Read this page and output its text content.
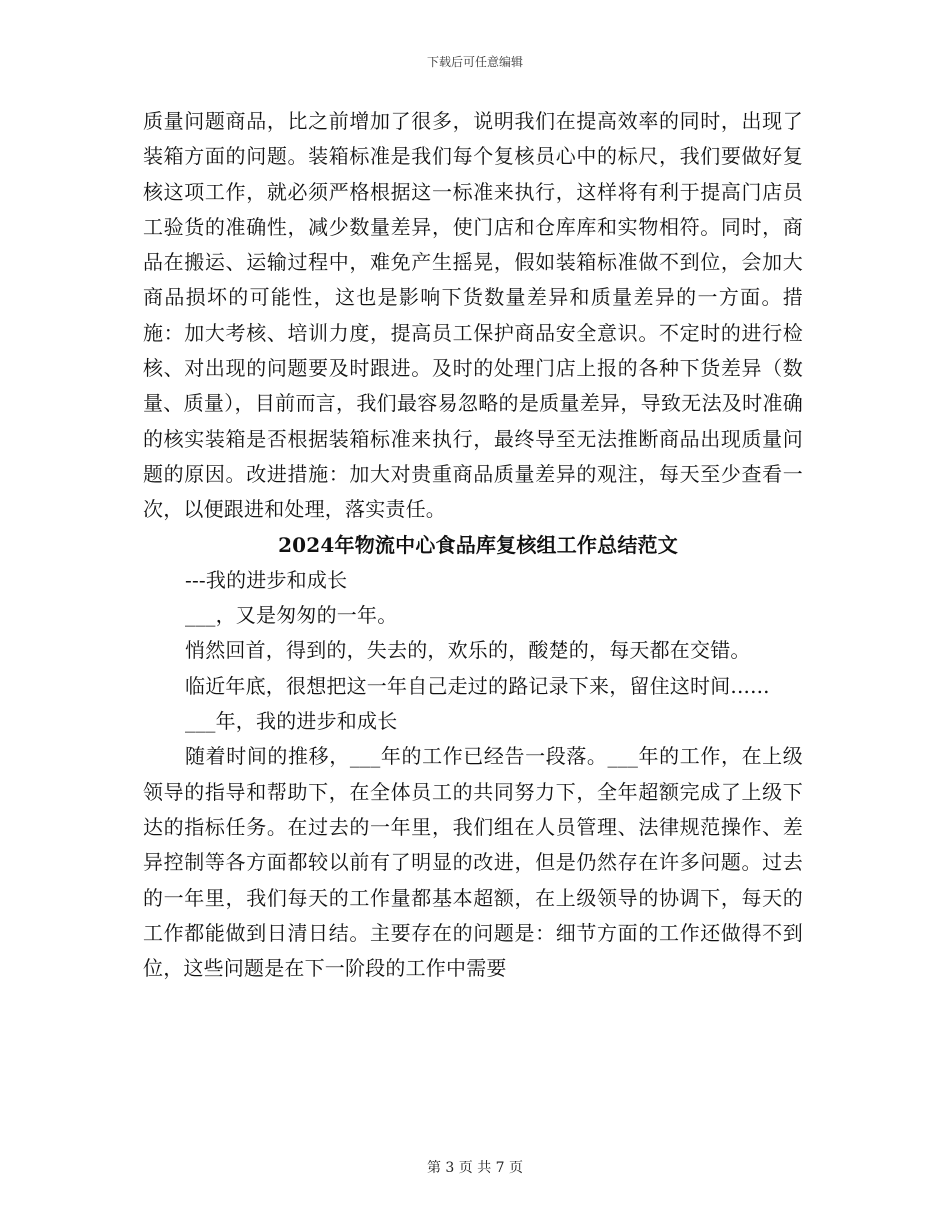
下载后可任意编辑

质量问题商品，比之前增加了很多，说明我们在提高效率的同时，出现了装箱方面的问题。装箱标准是我们每个复核员心中的标尺，我们要做好复核这项工作，就必须严格根据这一标准来执行，这样将有利于提高门店员工验货的准确性，减少数量差异，使门店和仓库库和实物相符。同时，商品在搬运、运输过程中，难免产生摇晃，假如装箱标准做不到位，会加大商品损坏的可能性，这也是影响下货数量差异和质量差异的一方面。措施：加大考核、培训力度，提高员工保护商品安全意识。不定时的进行检核、对出现的问题要及时跟进。及时的处理门店上报的各种下货差异（数量、质量），目前而言，我们最容易忽略的是质量差异，导致无法及时准确的核实装箱是否根据装箱标准来执行，最终导至无法推断商品出现质量问题的原因。改进措施：加大对贵重商品质量差异的观注，每天至少查看一次，以便跟进和处理，落实责任。

2024年物流中心食品库复核组工作总结范文

---我的进步和成长

___，又是匆匆的一年。

悄然回首，得到的，失去的，欢乐的，酸楚的，每天都在交错。

临近年底，很想把这一年自己走过的路记录下来，留住这时间......

___年，我的进步和成长

随着时间的推移，___年的工作已经告一段落。___年的工作，在上级领导的指导和帮助下，在全体员工的共同努力下，全年超额完成了上级下达的指标任务。在过去的一年里，我们组在人员管理、法律规范操作、差异控制等各方面都较以前有了明显的改进，但是仍然存在许多问题。过去的一年里，我们每天的工作量都基本超额，在上级领导的协调下，每天的工作都能做到日清日结。主要存在的问题是：细节方面的工作还做得不到位，这些问题是在下一阶段的工作中需要

第 3 页 共 7 页
